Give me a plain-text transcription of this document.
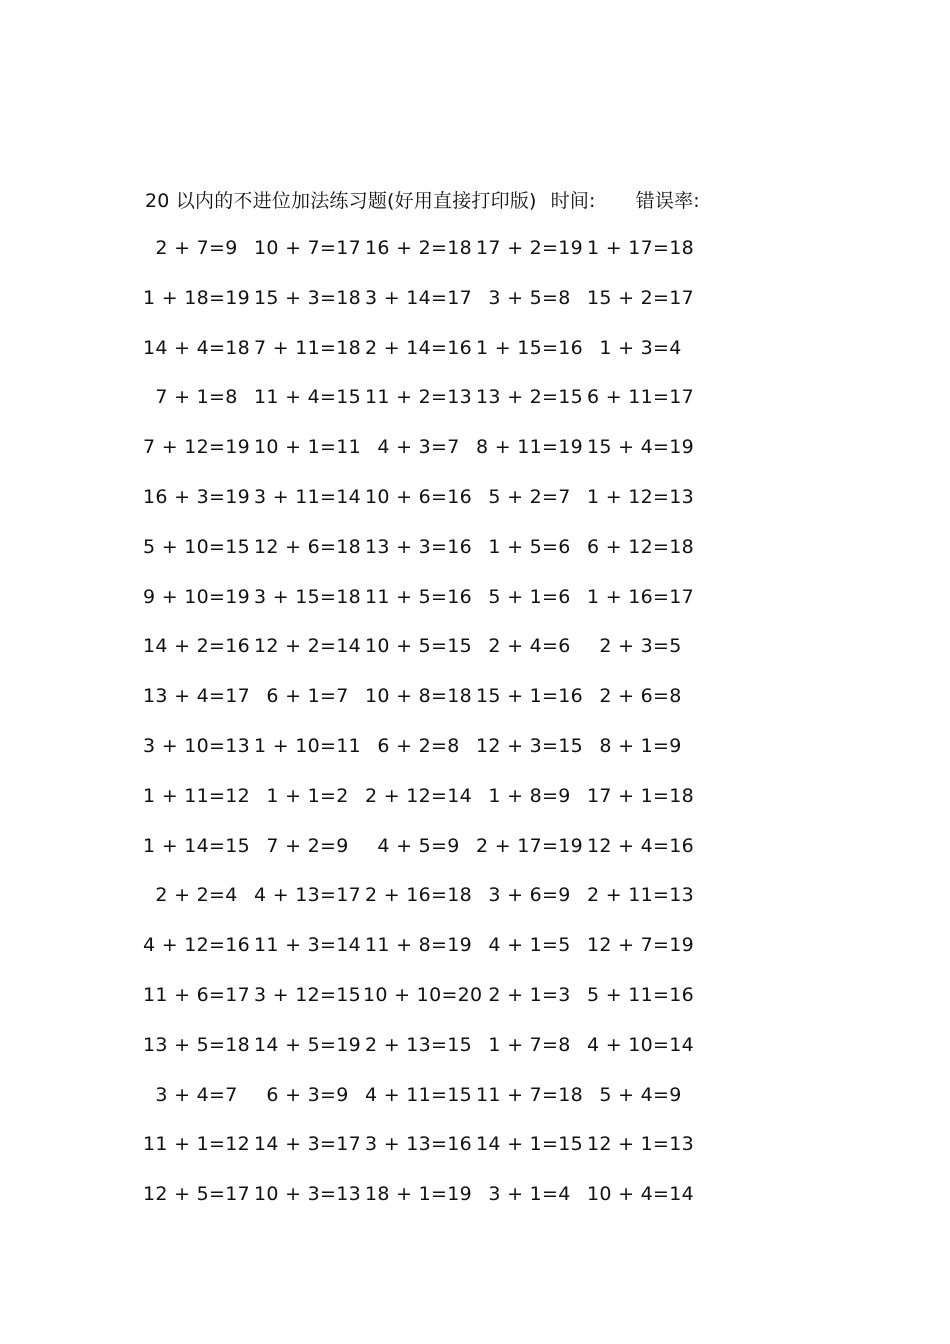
20 以内的不进位加法练习题(好用直接打印版) 时间: 错误率:
2 + 7=9 10 + 7=17 16 + 2=18 17 + 2=19 1 + 17=18
1 + 18=19 15 + 3=18 3 + 14=17 3 + 5=8 15 + 2=17
14 + 4=18 7 + 11=18 2 + 14=16 1 + 15=16 1 + 3=4
7 + 1=8 11 + 4=15 11 + 2=13 13 + 2=15 6 + 11=17
7 + 12=19 10 + 1=11 4 + 3=7 8 + 11=19 15 + 4=19
16 + 3=19 3 + 11=14 10 + 6=16 5 + 2=7 1 + 12=13
5 + 10=15 12 + 6=18 13 + 3=16 1 + 5=6 6 + 12=18
9 + 10=19 3 + 15=18 11 + 5=16 5 + 1=6 1 + 16=17
14 + 2=16 12 + 2=14 10 + 5=15 2 + 4=6	2 + 3=5
13 + 4=17 6 + 1=7 10 + 8=18 15 + 1=16 2 + 6=8
3 + 10=13 1 + 10=11 6 + 2=8 12 + 3=15 8 + 1=9
1 + 11=12 1 + 1=2 2 + 12=14 1 + 8=9 17 + 1=18
1 + 14=15 7 + 2=9	4 + 5=9 2 + 17=19 12 + 4=16
2 + 2=4 4 + 13=17 2 + 16=18 3 + 6=9 2 + 11=13
4 + 12=16 11 + 3=14 11 + 8=19 4 + 1=5 12 + 7=19
11 + 6=17 3 + 12=15 10 + 10=20 2 + 1=3 5 + 11=16
13 + 5=18 14 + 5=19 2 + 13=15 1 + 7=8 4 + 10=14
3 + 4=7	6 + 3=9 4 + 11=15 11 + 7=18 5 + 4=9
11 + 1=12 14 + 3=17 3 + 13=16 14 + 1=15 12 + 1=13
12 + 5=17 10 + 3=13 18 + 1=19 3 + 1=4 10 + 4=14
